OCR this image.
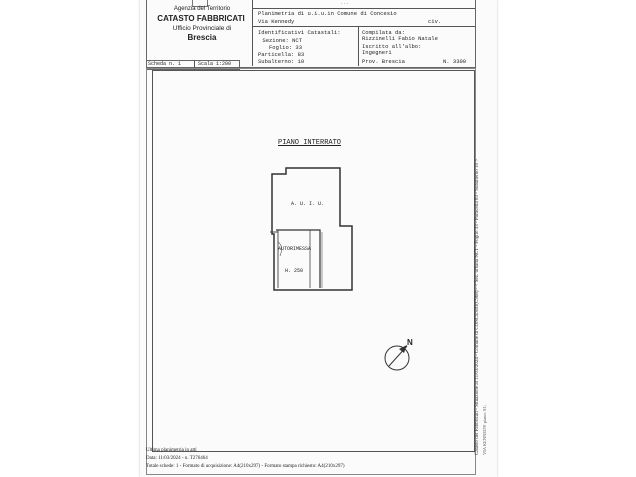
Agenzia del Territorio
CATASTO FABBRICATI
Ufficio Provinciale di
Brescia
...
Planimetria di u.i.u.in Comune di Concesio
Via Kennedy	civ.
Identificativi Catastali:
Sezione: NCT
Foglio: 33
Particella: 83
Subalterno: 10
Compilata da:
Rizzinelli Fabio Natale
Iscritto all'albo:
Ingegneri
Prov. Brescia	N. 3300
Scheda n. 1	Scala 1:200
PIANO INTERRATO
A. U. I. U.
AUTORIMESSA
H. 250
N	Catasto dei Fabbricati - Situazione al 11/03/2024 - Comune di CONCESIO(C968) - < Sez. urbana NCT - Foglio 33 - Particella 83 - Subalterno 10 > VIA KENNEDY piano: S1;
Ultima planimetria in atti
Data: 11/03/2024 - n. T276464
Totale schede: 1 - Formato di acquisizione: A4(210x297) - Formato stampa richiesto: A4(210x297)
